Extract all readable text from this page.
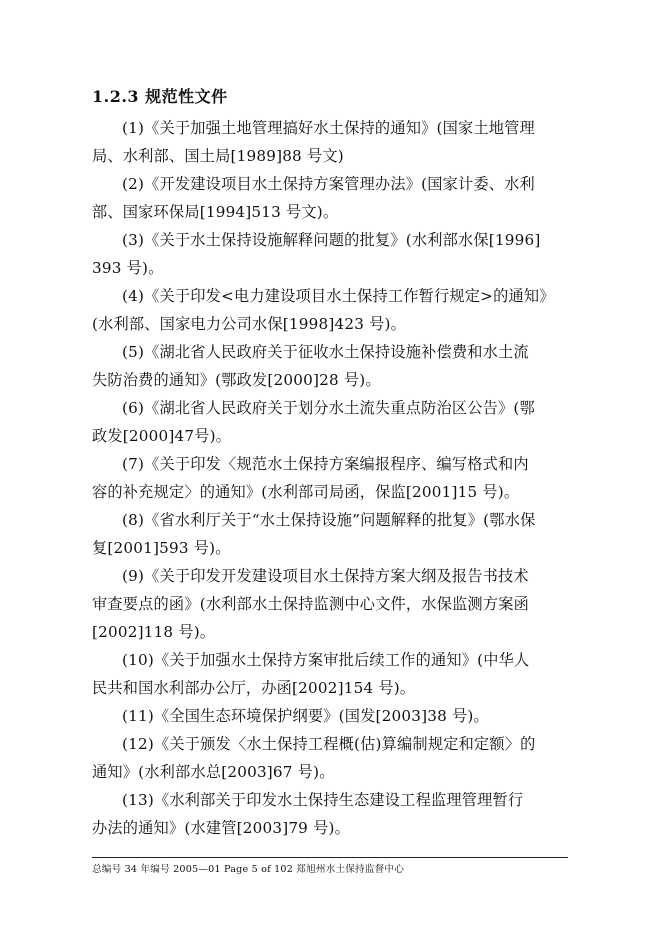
1.2.3 规范性文件
(1)《关于加强土地管理搞好水土保持的通知》(国家土地管理
局、水利部、国土局[1989]88 号文)
(2)《开发建设项目水土保持方案管理办法》(国家计委、水利
部、国家环保局[1994]513 号文)。
(3)《关于水土保持设施解释问题的批复》(水利部水保[1996]
393 号)。
(4)《关于印发<电力建设项目水土保持工作暂行规定>的通知》
(水利部、国家电力公司水保[1998]423 号)。
(5)《湖北省人民政府关于征收水土保持设施补偿费和水土流
失防治费的通知》(鄂政发[2000]28 号)。
(6)《湖北省人民政府关于划分水土流失重点防治区公告》(鄂
政发[2000]47号)。
(7)《关于印发〈规范水土保持方案编报程序、编写格式和内
容的补充规定〉的通知》(水利部司局函，保监[2001]15 号)。
(8)《省水利厅关于“水土保持设施”问题解释的批复》(鄂水保
复[2001]593 号)。
(9)《关于印发开发建设项目水土保持方案大纲及报告书技术
审查要点的函》(水利部水土保持监测中心文件，水保监测方案函
[2002]118 号)。
(10)《关于加强水土保持方案审批后续工作的通知》(中华人
民共和国水利部办公厅，办函[2002]154 号)。
(11)《全国生态环境保护纲要》(国发[2003]38 号)。
(12)《关于颁发〈水土保持工程概(估)算编制规定和定额〉的
通知》(水利部水总[2003]67 号)。
(13)《水利部关于印发水土保持生态建设工程监理管理暂行
办法的通知》(水建管[2003]79 号)。
总编号 34 年编号 2005—01 Page 5 of 102 郑旭州水土保持监督中心
